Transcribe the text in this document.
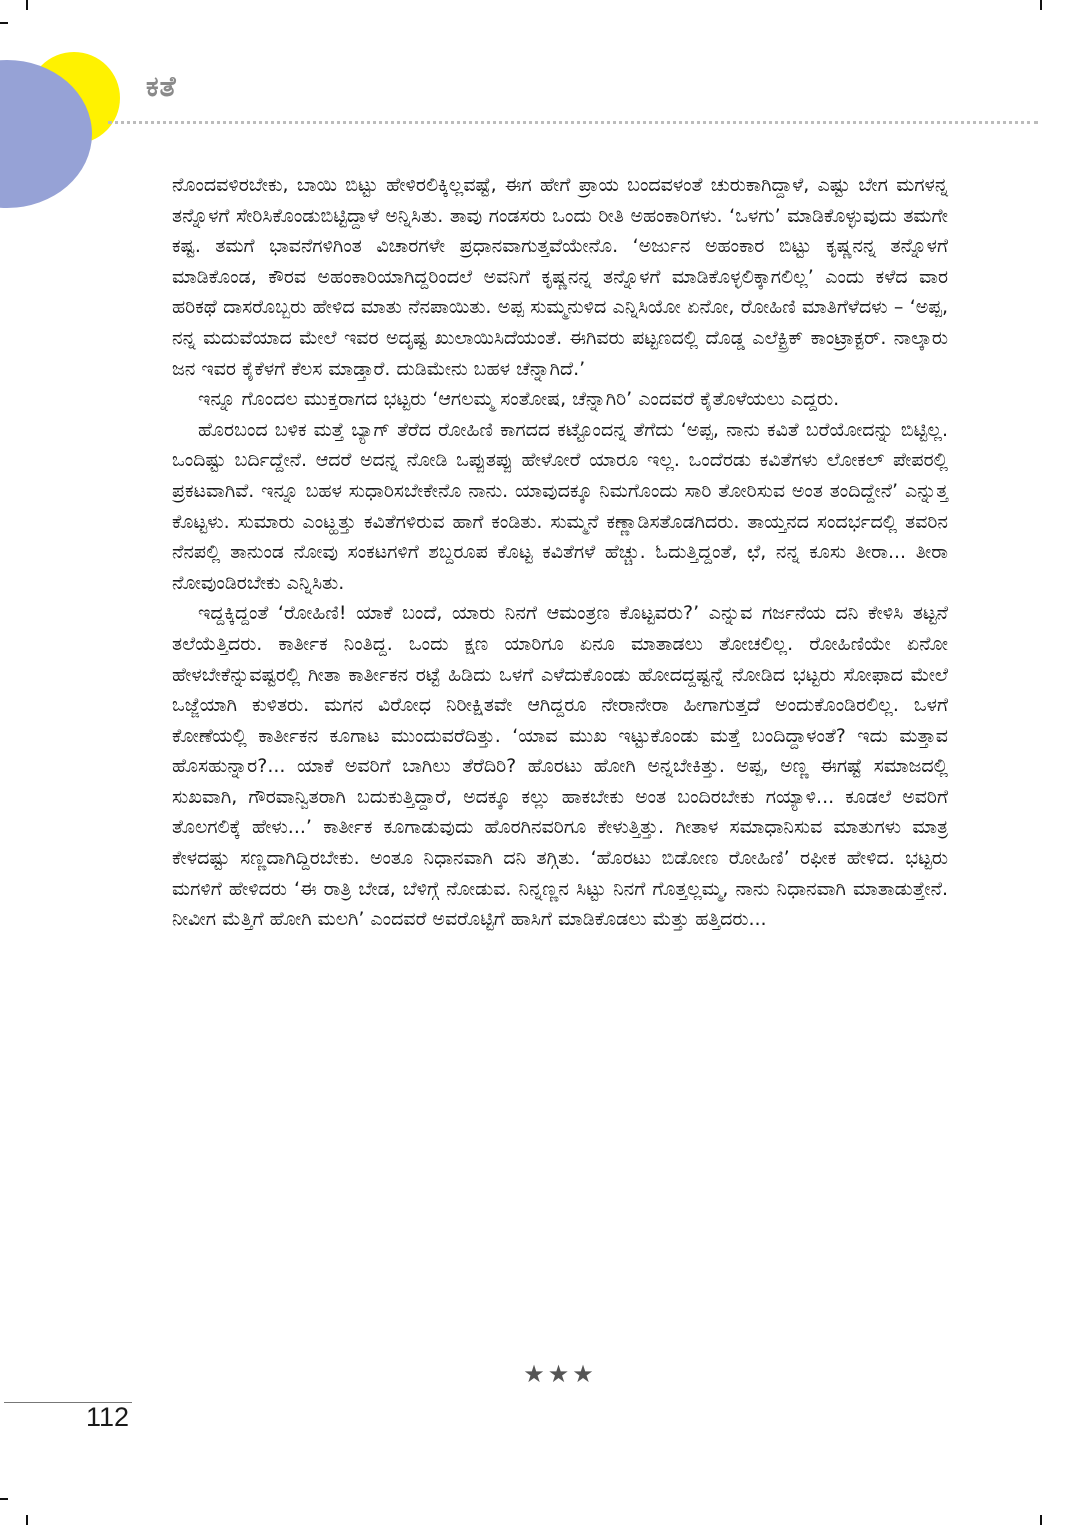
ಕತೆ

ನೊಂದವಳಿರಬೇಕು, ಬಾಯಿ ಬಿಟ್ಟು ಹೇಳಿರಲಿಕ್ಕಿಲ್ಲವಷ್ಟೆ, ಈಗ ಹೇಗೆ ಪ್ರಾಯ ಬಂದವಳಂತೆ ಚುರುಕಾಗಿದ್ದಾಳೆ, ಎಷ್ಟು ಬೇಗ ಮಗಳನ್ನ ತನ್ನೊಳಗೆ ಸೇರಿಸಿಕೊಂಡುಬಿಟ್ಟಿದ್ದಾಳೆ ಅನ್ನಿಸಿತು. ತಾವು ಗಂಡಸರು ಒಂದು ರೀತಿ ಅಹಂಕಾರಿಗಳು. ‘ಒಳಗು’ ಮಾಡಿಕೊಳ್ಳುವುದು ತಮಗೇ ಕಷ್ಟ. ತಮಗೆ ಭಾವನೆಗಳಿಗಿಂತ ವಿಚಾರಗಳೇ ಪ್ರಧಾನವಾಗುತ್ತವೆಯೇನೊ. ‘ಅರ್ಜುನ ಅಹಂಕಾರ ಬಿಟ್ಟು ಕೃಷ್ಣನನ್ನ ತನ್ನೊಳಗೆ ಮಾಡಿಕೊಂಡ, ಕೌರವ ಅಹಂಕಾರಿಯಾಗಿದ್ದರಿಂದಲೆ ಅವನಿಗೆ ಕೃಷ್ಣನನ್ನ ತನ್ನೊಳಗೆ ಮಾಡಿಕೊಳ್ಳಲಿಕ್ಕಾಗಲಿಲ್ಲ’ ಎಂದು ಕಳೆದ ವಾರ ಹರಿಕಥೆ ದಾಸರೊಬ್ಬರು ಹೇಳಿದ ಮಾತು ನೆನಪಾಯಿತು. ಅಪ್ಪ ಸುಮ್ಮನುಳಿದ ಎನ್ನಿಸಿಯೋ ಏನೋ, ರೋಹಿಣಿ ಮಾತಿಗೆಳೆದಳು – ‘ಅಪ್ಪ, ನನ್ನ ಮದುವೆಯಾದ ಮೇಲೆ ಇವರ ಅದೃಷ್ಟ ಖುಲಾಯಿಸಿದೆಯಂತೆ. ಈಗಿವರು ಪಟ್ಟಣದಲ್ಲಿ ದೊಡ್ಡ ಎಲೆಕ್ಟ್ರಿಕ್ ಕಾಂಟ್ರಾಕ್ಟರ್. ನಾಲ್ಕಾರು ಜನ ಇವರ ಕೈಕೆಳಗೆ ಕೆಲಸ ಮಾಡ್ತಾರೆ. ದುಡಿಮೇನು ಬಹಳ ಚೆನ್ನಾಗಿದೆ.’

ಇನ್ನೂ ಗೊಂದಲ ಮುಕ್ತರಾಗದ ಭಟ್ಟರು ‘ಆಗಲಮ್ಮ ಸಂತೋಷ, ಚೆನ್ನಾಗಿರಿ’ ಎಂದವರೆ ಕೈತೊಳೆಯಲು ಎದ್ದರು.

ಹೊರಬಂದ ಬಳಿಕ ಮತ್ತೆ ಬ್ಯಾಗ್ ತೆರೆದ ರೋಹಿಣಿ ಕಾಗದದ ಕಟ್ಟೊಂದನ್ನ ತೆಗೆದು ‘ಅಪ್ಪ, ನಾನು ಕವಿತೆ ಬರೆಯೋದನ್ನು ಬಿಟ್ಟಿಲ್ಲ. ಒಂದಿಷ್ಟು ಬರ್ದಿದ್ದೇನೆ. ಆದರೆ ಅದನ್ನ ನೋಡಿ ಒಪ್ಪುತಪ್ಪು ಹೇಳೋರೆ ಯಾರೂ ಇಲ್ಲ. ಒಂದೆರಡು ಕವಿತೆಗಳು ಲೋಕಲ್ ಪೇಪರಲ್ಲಿ ಪ್ರಕಟವಾಗಿವೆ. ಇನ್ನೂ ಬಹಳ ಸುಧಾರಿಸಬೇಕೇನೊ ನಾನು. ಯಾವುದಕ್ಕೂ ನಿಮಗೊಂದು ಸಾರಿ ತೋರಿಸುವ ಅಂತ ತಂದಿದ್ದೇನೆ’ ಎನ್ನುತ್ತ ಕೊಟ್ಟಳು. ಸುಮಾರು ಎಂಟ್ಹತ್ತು ಕವಿತೆಗಳಿರುವ ಹಾಗೆ ಕಂಡಿತು. ಸುಮ್ಮನೆ ಕಣ್ಣಾಡಿಸತೊಡಗಿದರು. ತಾಯ್ತನದ ಸಂದರ್ಭದಲ್ಲಿ ತವರಿನ ನೆನಪಲ್ಲಿ ತಾನುಂಡ ನೋವು ಸಂಕಟಗಳಿಗೆ ಶಬ್ದರೂಪ ಕೊಟ್ಟ ಕವಿತೆಗಳೆ ಹೆಚ್ಚು. ಓದುತ್ತಿದ್ದಂತೆ, ಛೆ, ನನ್ನ ಕೂಸು ತೀರಾ... ತೀರಾ ನೋವುಂಡಿರಬೇಕು ಎನ್ನಿಸಿತು.

ಇದ್ದಕ್ಕಿದ್ದಂತೆ ‘ರೋಹಿಣಿ! ಯಾಕೆ ಬಂದೆ, ಯಾರು ನಿನಗೆ ಆಮಂತ್ರಣ ಕೊಟ್ಟವರು?’ ಎನ್ನುವ ಗರ್ಜನೆಯ ದನಿ ಕೇಳಿಸಿ ತಟ್ಟನೆ ತಲೆಯೆತ್ತಿದರು. ಕಾರ್ತೀಕ ನಿಂತಿದ್ದ. ಒಂದು ಕ್ಷಣ ಯಾರಿಗೂ ಏನೂ ಮಾತಾಡಲು ತೋಚಲಿಲ್ಲ. ರೋಹಿಣಿಯೇ ಏನೋ ಹೇಳಬೇಕೆನ್ನುವಷ್ಟರಲ್ಲಿ ಗೀತಾ ಕಾರ್ತೀಕನ ರಟ್ಟೆ ಹಿಡಿದು ಒಳಗೆ ಎಳೆದುಕೊಂಡು ಹೋದದ್ದಷ್ಟನ್ನೆ ನೋಡಿದ ಭಟ್ಟರು ಸೋಫಾದ ಮೇಲೆ ಒಜ್ಜೆಯಾಗಿ ಕುಳಿತರು. ಮಗನ ವಿರೋಧ ನಿರೀಕ್ಷಿತವೇ ಆಗಿದ್ದರೂ ನೇರಾನೇರಾ ಹೀಗಾಗುತ್ತದೆ ಅಂದುಕೊಂಡಿರಲಿಲ್ಲ. ಒಳಗೆ ಕೋಣೆಯಲ್ಲಿ ಕಾರ್ತೀಕನ ಕೂಗಾಟ ಮುಂದುವರೆದಿತ್ತು. ‘ಯಾವ ಮುಖ ಇಟ್ಟುಕೊಂಡು ಮತ್ತೆ ಬಂದಿದ್ದಾಳಂತೆ? ಇದು ಮತ್ತಾವ ಹೊಸಹುನ್ನಾರ?... ಯಾಕೆ ಅವರಿಗೆ ಬಾಗಿಲು ತೆರೆದಿರಿ? ಹೊರಟು ಹೋಗಿ ಅನ್ನಬೇಕಿತ್ತು. ಅಪ್ಪ, ಅಣ್ಣ ಈಗಷ್ಟೆ ಸಮಾಜದಲ್ಲಿ ಸುಖವಾಗಿ, ಗೌರವಾನ್ವಿತರಾಗಿ ಬದುಕುತ್ತಿದ್ದಾರೆ, ಅದಕ್ಕೂ ಕಲ್ಲು ಹಾಕಬೇಕು ಅಂತ ಬಂದಿರಬೇಕು ಗಯ್ಯಾಳಿ... ಕೂಡಲೆ ಅವರಿಗೆ ತೊಲಗಲಿಕ್ಕೆ ಹೇಳು...’ ಕಾರ್ತೀಕ ಕೂಗಾಡುವುದು ಹೊರಗಿನವರಿಗೂ ಕೇಳುತ್ತಿತ್ತು. ಗೀತಾಳ ಸಮಾಧಾನಿಸುವ ಮಾತುಗಳು ಮಾತ್ರ ಕೇಳದಷ್ಟು ಸಣ್ಣದಾಗಿದ್ದಿರಬೇಕು. ಅಂತೂ ನಿಧಾನವಾಗಿ ದನಿ ತಗ್ಗಿತು. ‘ಹೊರಟು ಬಿಡೋಣ ರೋಹಿಣಿ’ ರಫೀಕ ಹೇಳಿದ. ಭಟ್ಟರು ಮಗಳಿಗೆ ಹೇಳಿದರು ‘ಈ ರಾತ್ರಿ ಬೇಡ, ಬೆಳಿಗ್ಗೆ ನೋಡುವ. ನಿನ್ನಣ್ಣನ ಸಿಟ್ಟು ನಿನಗೆ ಗೊತ್ತಲ್ಲಮ್ಮ, ನಾನು ನಿಧಾನವಾಗಿ ಮಾತಾಡುತ್ತೇನೆ. ನೀವೀಗ ಮೆತ್ತಿಗೆ ಹೋಗಿ ಮಲಗಿ’ ಎಂದವರೆ ಅವರೊಟ್ಟಿಗೆ ಹಾಸಿಗೆ ಮಾಡಿಕೊಡಲು ಮೆತ್ತು ಹತ್ತಿದರು...

★★★
112
